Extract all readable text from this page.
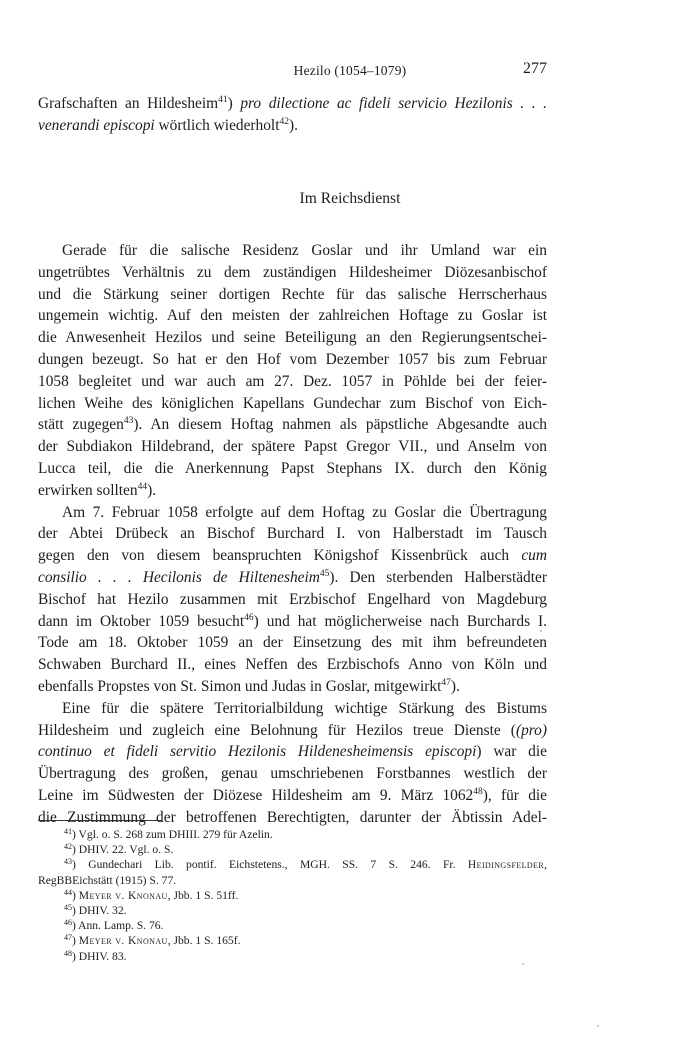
Hezilo (1054–1079)	277
Grafschaften an Hildesheim$^{41}$) pro dilectione ac fideli servicio Hezilonis . . .
venerandi episcopi wörtlich wiederholt$^{42}$).
Im Reichsdienst
Gerade für die salische Residenz Goslar und ihr Umland war ein
ungetrübtes Verhältnis zu dem zuständigen Hildesheimer Diözesanbischof
und die Stärkung seiner dortigen Rechte für das salische Herrscherhaus
ungemein wichtig. Auf den meisten der zahlreichen Hoftage zu Goslar ist
die Anwesenheit Hezilos und seine Beteiligung an den Regierungsentschei-
dungen bezeugt. So hat er den Hof vom Dezember 1057 bis zum Februar
1058 begleitet und war auch am 27. Dez. 1057 in Pöhlde bei der feier-
lichen Weihe des königlichen Kapellans Gundechar zum Bischof von Eich-
stätt zugegen$^{43}$). An diesem Hoftag nahmen als päpstliche Abgesandte auch
der Subdiakon Hildebrand, der spätere Papst Gregor VII., und Anselm von
Lucca teil, die die Anerkennung Papst Stephans IX. durch den König
erwirken sollten$^{44}$).
Am 7. Februar 1058 erfolgte auf dem Hoftag zu Goslar die Übertragung
der Abtei Drübeck an Bischof Burchard I. von Halberstadt im Tausch
gegen den von diesem beanspruchten Königshof Kissenbrück auch cum
consilio . . . Hecilonis de Hiltenesheim$^{45}$). Den sterbenden Halberstädter
Bischof hat Hezilo zusammen mit Erzbischof Engelhard von Magdeburg
dann im Oktober 1059 besucht$^{46}$) und hat möglicherweise nach Burchards I.
Tode am 18. Oktober 1059 an der Einsetzung des mit ihm befreundeten
Schwaben Burchard II., eines Neffen des Erzbischofs Anno von Köln und
ebenfalls Propstes von St. Simon und Judas in Goslar, mitgewirkt$^{47}$).
Eine für die spätere Territorialbildung wichtige Stärkung des Bistums
Hildesheim und zugleich eine Belohnung für Hezilos treue Dienste ((pro)
continuo et fideli servitio Hezilonis Hildenesheimensis episcopi) war die
Übertragung des großen, genau umschriebenen Forstbannes westlich der
Leine im Südwesten der Diözese Hildesheim am 9. März 1062$^{48}$), für die
die Zustimmung der betroffenen Berechtigten, darunter der Äbtissin Adel-
$^{41}$) Vgl. o. S. 268 zum DHIII. 279 für Azelin.
$^{42}$) DHIV. 22. Vgl. o. S.
$^{43}$) Gundechari Lib. pontif. Eichstetens., MGH. SS. 7 S. 246. Fr. Heidingsfelder,
RegBBEichstätt (1915) S. 77.
$^{44}$) Meyer v. Knonau, Jbb. 1 S. 51ff.
$^{45}$) DHIV. 32.
$^{46}$) Ann. Lamp. S. 76.
$^{47}$) Meyer v. Knonau, Jbb. 1 S. 165f.
$^{48}$) DHIV. 83.
